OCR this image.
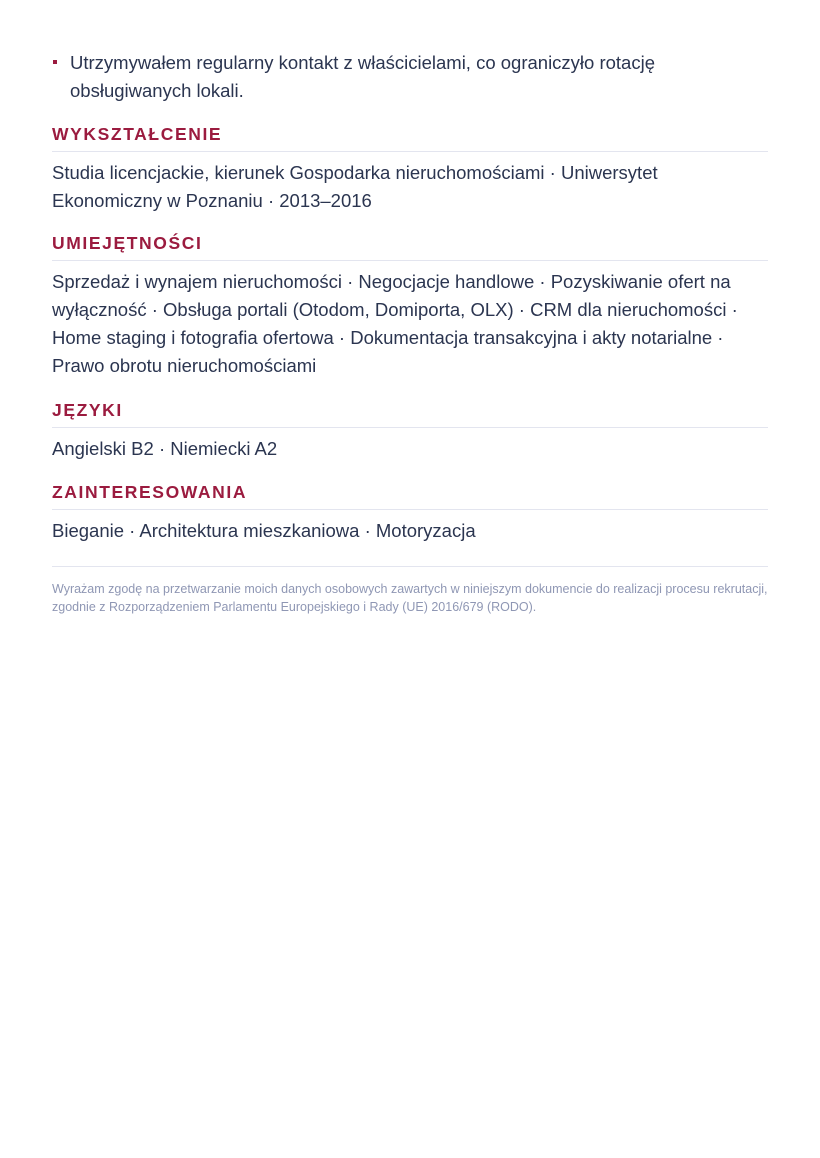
Utrzymywałem regularny kontakt z właścicielami, co ograniczyło rotację obsługiwanych lokali.
WYKSZTAŁCENIE
Studia licencjackie, kierunek Gospodarka nieruchomościami · Uniwersytet Ekonomiczny w Poznaniu · 2013–2016
UMIEJĘTNOŚCI
Sprzedaż i wynajem nieruchomości · Negocjacje handlowe · Pozyskiwanie ofert na wyłączność · Obsługa portali (Otodom, Domiporta, OLX) · CRM dla nieruchomości · Home staging i fotografia ofertowa · Dokumentacja transakcyjna i akty notarialne · Prawo obrotu nieruchomościami
JĘZYKI
Angielski B2 · Niemiecki A2
ZAINTERESOWANIA
Bieganie · Architektura mieszkaniowa · Motoryzacja
Wyrażam zgodę na przetwarzanie moich danych osobowych zawartych w niniejszym dokumencie do realizacji procesu rekrutacji, zgodnie z Rozporządzeniem Parlamentu Europejskiego i Rady (UE) 2016/679 (RODO).
